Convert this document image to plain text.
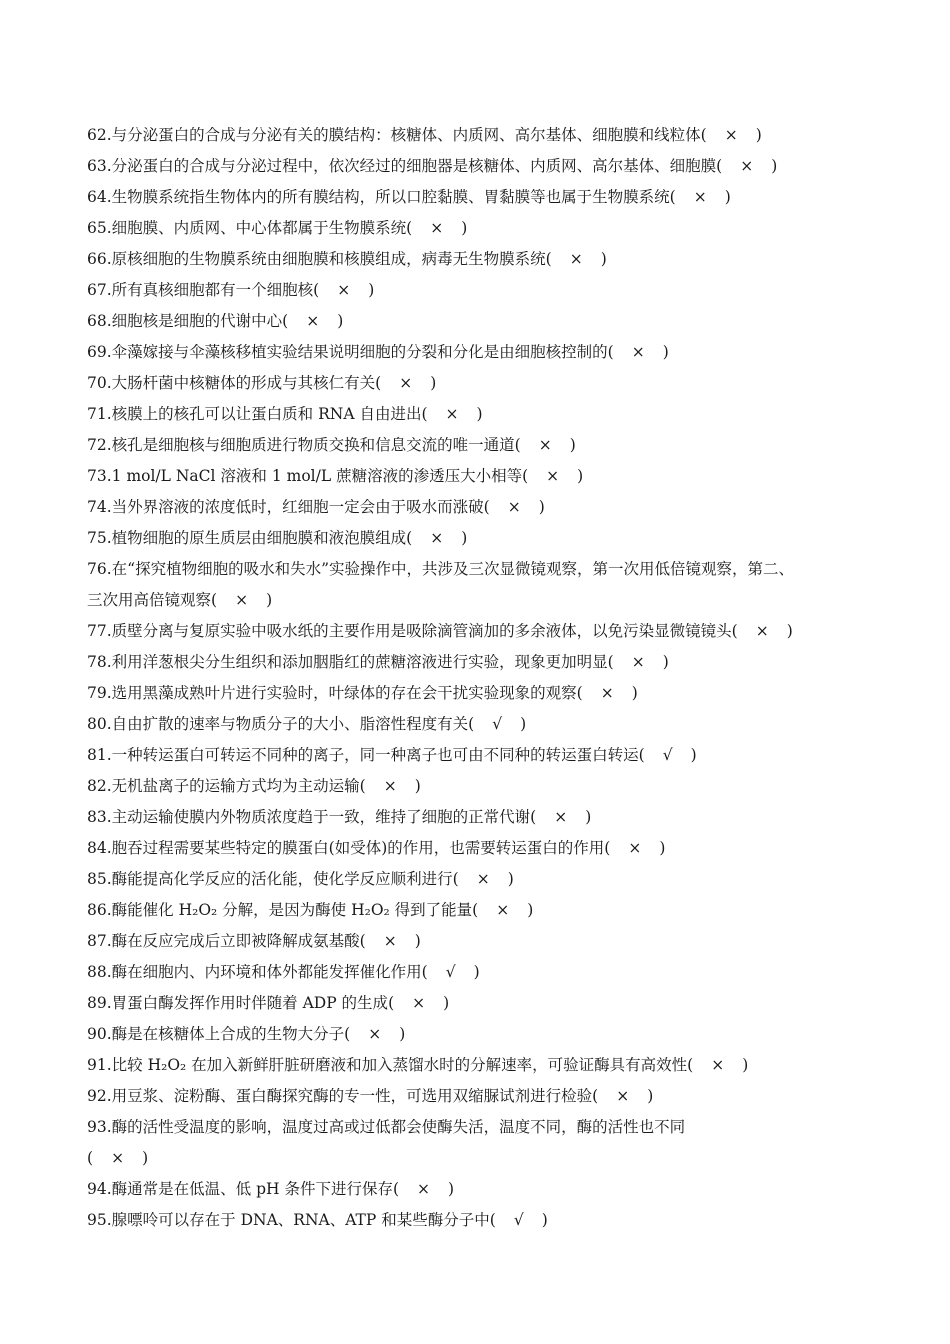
62.与分泌蛋白的合成与分泌有关的膜结构：核糖体、内质网、高尔基体、细胞膜和线粒体( × )
63.分泌蛋白的合成与分泌过程中，依次经过的细胞器是核糖体、内质网、高尔基体、细胞膜( × )
64.生物膜系统指生物体内的所有膜结构，所以口腔黏膜、胃黏膜等也属于生物膜系统( × )
65.细胞膜、内质网、中心体都属于生物膜系统( × )
66.原核细胞的生物膜系统由细胞膜和核膜组成，病毒无生物膜系统( × )
67.所有真核细胞都有一个细胞核( × )
68.细胞核是细胞的代谢中心( × )
69.伞藻嫁接与伞藻核移植实验结果说明细胞的分裂和分化是由细胞核控制的( × )
70.大肠杆菌中核糖体的形成与其核仁有关( × )
71.核膜上的核孔可以让蛋白质和 RNA 自由进出( × )
72.核孔是细胞核与细胞质进行物质交换和信息交流的唯一通道( × )
73.1 mol/L NaCl 溶液和 1 mol/L 蔗糖溶液的渗透压大小相等( × )
74.当外界溶液的浓度低时，红细胞一定会由于吸水而涨破( × )
75.植物细胞的原生质层由细胞膜和液泡膜组成( × )
76.在“探究植物细胞的吸水和失水”实验操作中，共涉及三次显微镜观察，第一次用低倍镜观察，第二、
三次用高倍镜观察( × )
77.质壁分离与复原实验中吸水纸的主要作用是吸除滴管滴加的多余液体，以免污染显微镜镜头( × )
78.利用洋葱根尖分生组织和添加胭脂红的蔗糖溶液进行实验，现象更加明显( × )
79.选用黑藻成熟叶片进行实验时，叶绿体的存在会干扰实验现象的观察( × )
80.自由扩散的速率与物质分子的大小、脂溶性程度有关( √ )
81.一种转运蛋白可转运不同种的离子，同一种离子也可由不同种的转运蛋白转运( √ )
82.无机盐离子的运输方式均为主动运输( × )
83.主动运输使膜内外物质浓度趋于一致，维持了细胞的正常代谢( × )
84.胞吞过程需要某些特定的膜蛋白(如受体)的作用，也需要转运蛋白的作用( × )
85.酶能提高化学反应的活化能，使化学反应顺利进行( × )
86.酶能催化 H₂O₂ 分解，是因为酶使 H₂O₂ 得到了能量( × )
87.酶在反应完成后立即被降解成氨基酸( × )
88.酶在细胞内、内环境和体外都能发挥催化作用( √ )
89.胃蛋白酶发挥作用时伴随着 ADP 的生成( × )
90.酶是在核糖体上合成的生物大分子( × )
91.比较 H₂O₂ 在加入新鲜肝脏研磨液和加入蒸馏水时的分解速率，可验证酶具有高效性( × )
92.用豆浆、淀粉酶、蛋白酶探究酶的专一性，可选用双缩脲试剂进行检验( × )
93.酶的活性受温度的影响，温度过高或过低都会使酶失活，温度不同，酶的活性也不同
( × )
94.酶通常是在低温、低 pH 条件下进行保存( × )
95.腺嘌呤可以存在于 DNA、RNA、ATP 和某些酶分子中( √ )
